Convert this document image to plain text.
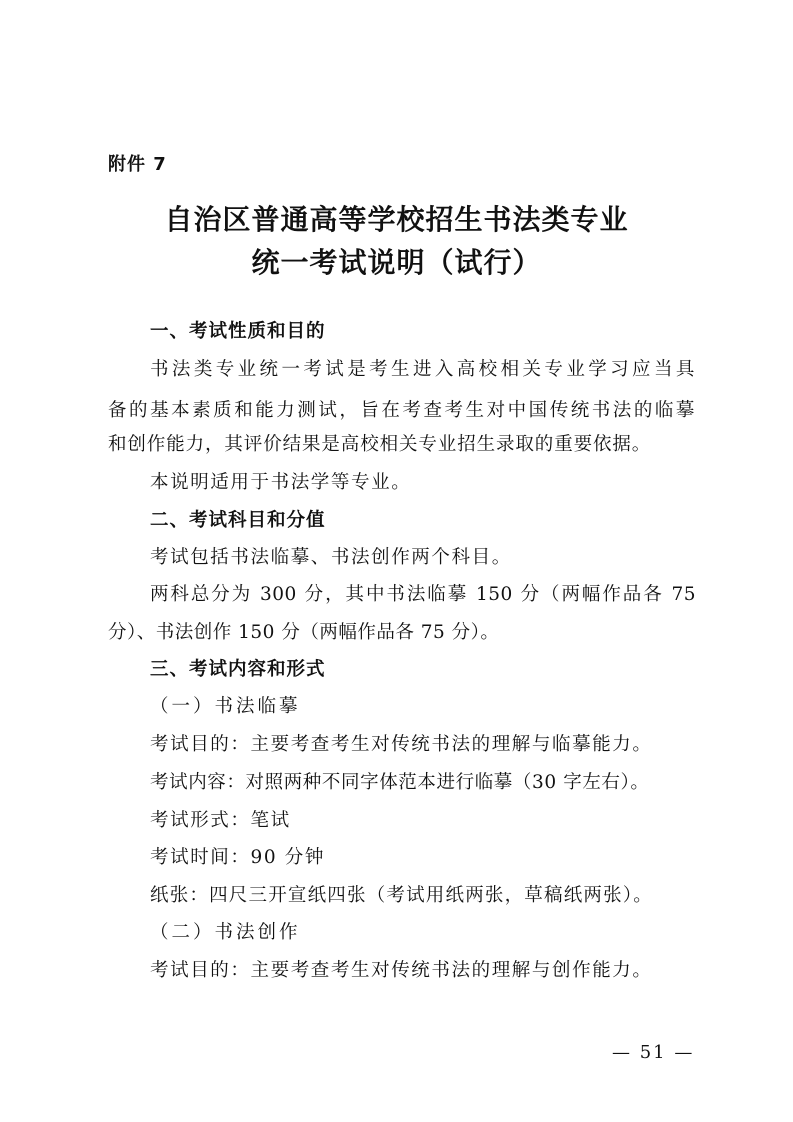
附件 7
自治区普通高等学校招生书法类专业
统一考试说明（试行）
一、考试性质和目的
书法类专业统一考试是考生进入高校相关专业学习应当具
备的基本素质和能力测试，旨在考查考生对中国传统书法的临摹
和创作能力，其评价结果是高校相关专业招生录取的重要依据。
本说明适用于书法学等专业。
二、考试科目和分值
考试包括书法临摹、书法创作两个科目。
两科总分为 300 分，其中书法临摹 150 分（两幅作品各 75
分）、书法创作 150 分（两幅作品各 75 分）。
三、考试内容和形式
（一）书法临摹
考试目的：主要考查考生对传统书法的理解与临摹能力。
考试内容：对照两种不同字体范本进行临摹（30 字左右）。
考试形式：笔试
考试时间：90 分钟
纸张：四尺三开宣纸四张（考试用纸两张，草稿纸两张）。
（二）书法创作
考试目的：主要考查考生对传统书法的理解与创作能力。
— 51 —
